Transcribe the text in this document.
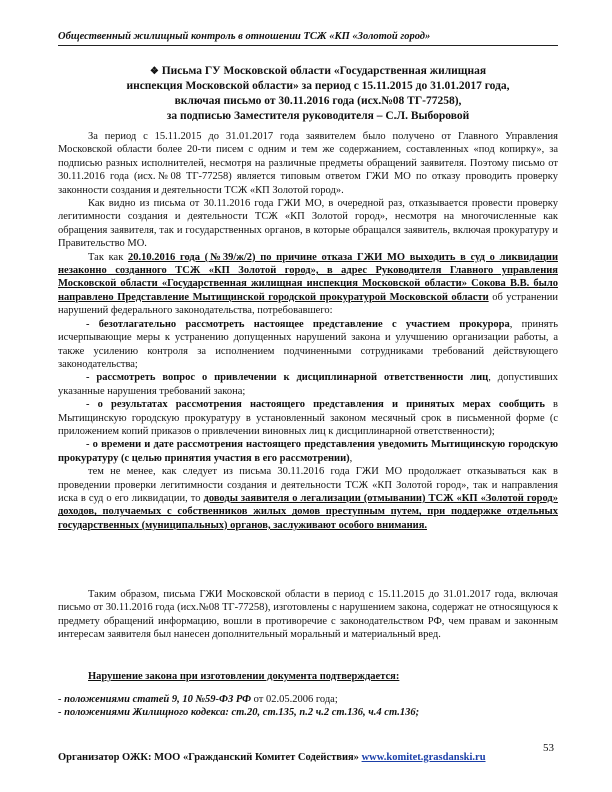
Общественный жилищный контроль в отношении ТСЖ «КП «Золотой город»
❖ Письма ГУ Московской области «Государственная жилищная
инспекция Московской области» за период с 15.11.2015 до 31.01.2017 года,
включая письмо от 30.11.2016 года (исх.№08 ТГ-77258),
за подписью Заместителя руководителя – С.Л. Выборовой

За период с 15.11.2015 до 31.01.2017 года заявителем было получено от Главного Управления Московской области более 20-ти писем с одним и тем же содержанием, составленных «под копирку», за подписью разных исполнителей, несмотря на различные предметы обращений заявителя. Поэтому письмо от 30.11.2016 года (исх.№08 ТГ-77258) является типовым ответом ГЖИ МО по отказу проводить проверку законности создания и деятельности ТСЖ «КП Золотой город».

Как видно из письма от 30.11.2016 года ГЖИ МО, в очередной раз, отказывается провести проверку легитимности создания и деятельности ТСЖ «КП Золотой город», несмотря на многочисленные как обращения заявителя, так и государственных органов, в которые обращался заявитель, включая прокуратуру и Правительство МО.

Так как 20.10.2016 года (№39/ж/2) по причине отказа ГЖИ МО выходить в суд о ликвидации незаконно созданного ТСЖ «КП Золотой город», в адрес Руководителя Главного управления Московской области «Государственная жилищная инспекция Московской области» Сокова В.В. было направлено Представление Мытищинской городской прокуратурой Московской области об устранении нарушений федерального законодательства, потребовавшего:

- безотлагательно рассмотреть настоящее представление с участием прокурора, принять исчерпывающие меры к устранению допущенных нарушений закона и улучшению организации работы, а также усилению контроля за исполнением подчиненными сотрудниками требований действующего законодательства;

- рассмотреть вопрос о привлечении к дисциплинарной ответственности лиц, допустивших указанные нарушения требований закона;

- о результатах рассмотрения настоящего представления и принятых мерах сообщить в Мытищинскую городскую прокуратуру в установленный законом месячный срок в письменной форме (с приложением копий приказов о привлечении виновных лиц к дисциплинарной ответственности);

- о времени и дате рассмотрения настоящего представления уведомить Мытищинскую городскую прокуратуру (с целью принятия участия в его рассмотрении),

тем не менее, как следует из письма 30.11.2016 года ГЖИ МО продолжает отказываться как в проведении проверки легитимности создания и деятельности ТСЖ «КП Золотой город», так и направления иска в суд о его ликвидации, то доводы заявителя о легализации (отмывании) ТСЖ «КП «Золотой город» доходов, получаемых с собственников жилых домов преступным путем, при поддержке отдельных государственных (муниципальных) органов, заслуживают особого внимания.

Таким образом, письма ГЖИ Московской области в период с 15.11.2015 до 31.01.2017 года, включая письмо от 30.11.2016 года (исх.№08 ТГ-77258), изготовлены с нарушением закона, содержат не относящуюся к предмету обращений информацию, вошли в противоречие с законодательством РФ, чем правам и законным интересам заявителя был нанесен дополнительный моральный и материальный вред.

Нарушение закона при изготовлении документа подтверждается:

- положениями статей 9, 10 №59-ФЗ РФ от 02.05.2006 года;
- положениями Жилищного кодекса: ст.20, ст.135, п.2 ч.2 ст.136, ч.4 ст.136;
53
Организатор ОЖК: МОО «Гражданский Комитет Содействия» www.komitet.grasdanski.ru
